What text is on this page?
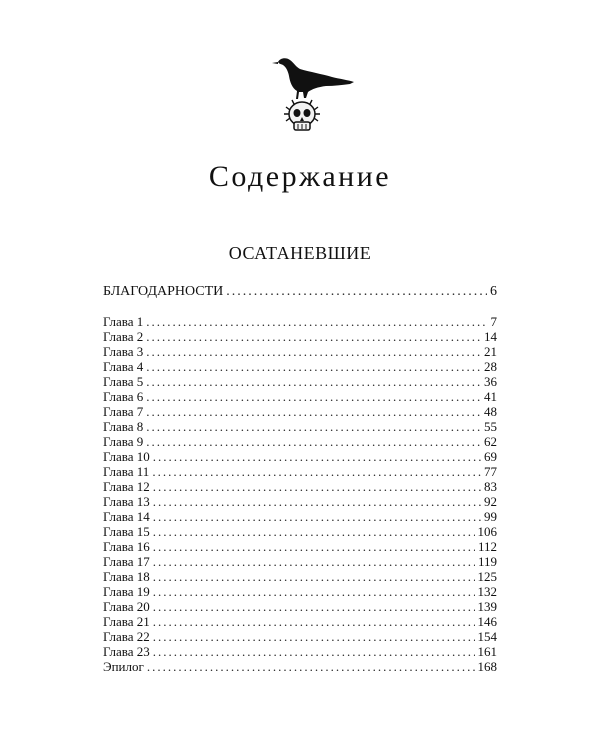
Содержание
ОСАТАНЕВШИЕ
БЛАГОДАРНОСТИ .....	6
Глава 1 .....	7
Глава 2 .....	14
Глава 3 .....	21
Глава 4 .....	28
Глава 5 .....	36
Глава 6 .....	41
Глава 7 .....	48
Глава 8 .....	55
Глава 9 .....	62
Глава 10 .....	69
Глава 11 .....	77
Глава 12 .....	83
Глава 13 .....	92
Глава 14 .....	99
Глава 15 .....	106
Глава 16 .....	112
Глава 17 .....	119
Глава 18 .....	125
Глава 19 .....	132
Глава 20 .....	139
Глава 21 .....	146
Глава 22 .....	154
Глава 23 .....	161
Эпилог .....	168
